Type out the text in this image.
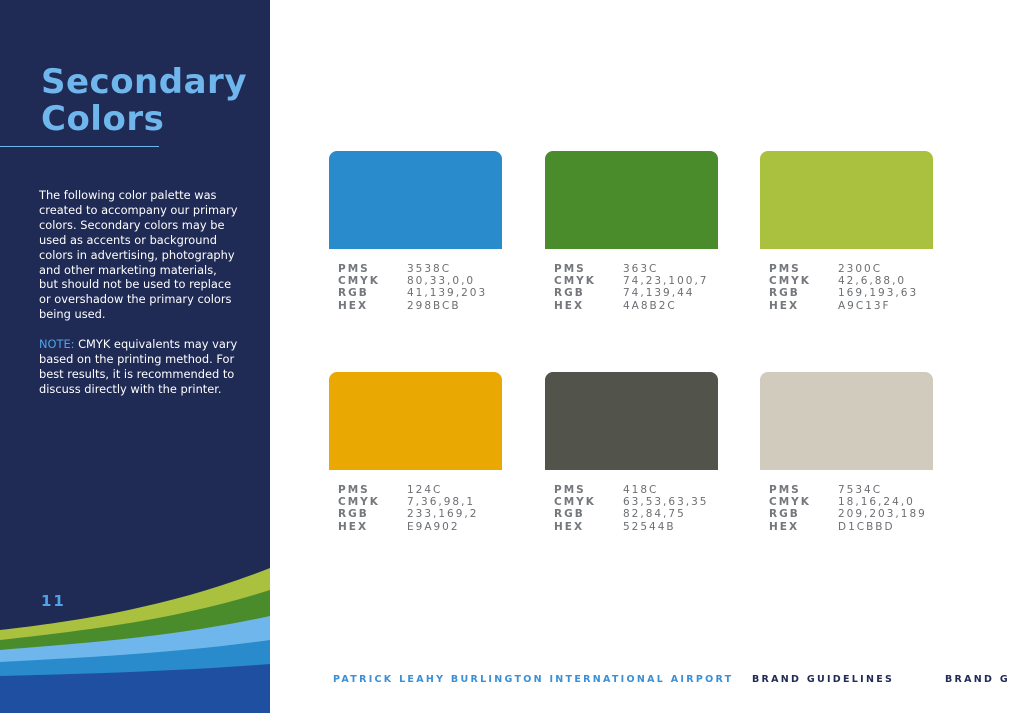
Secondary
Colors

The following color palette was created to accompany our primary colors. Secondary colors may be used as accents or background colors in advertising, photography and other marketing materials, but should not be used to replace or overshadow the primary colors being used.

NOTE: CMYK equivalents may vary based on the printing method. For best results, it is recommended to discuss directly with the printer.

11
PMS	3538C
CMYK	80,33,0,0
RGB	41,139,203
HEX	298BCB
PMS	363C
CMYK	74,23,100,7
RGB	74,139,44
HEX	4A8B2C
PMS	2300C
CMYK	42,6,88,0
RGB	169,193,63
HEX	A9C13F
PMS	124C
CMYK	7,36,98,1
RGB	233,169,2
HEX	E9A902
PMS	418C
CMYK	63,53,63,35
RGB	82,84,75
HEX	52544B
PMS	7534C
CMYK	18,16,24,0
RGB	209,203,189
HEX	D1CBBD
PATRICK LEAHY BURLINGTON INTERNATIONAL AIRPORT BRAND GUIDELINES	BRAND G
